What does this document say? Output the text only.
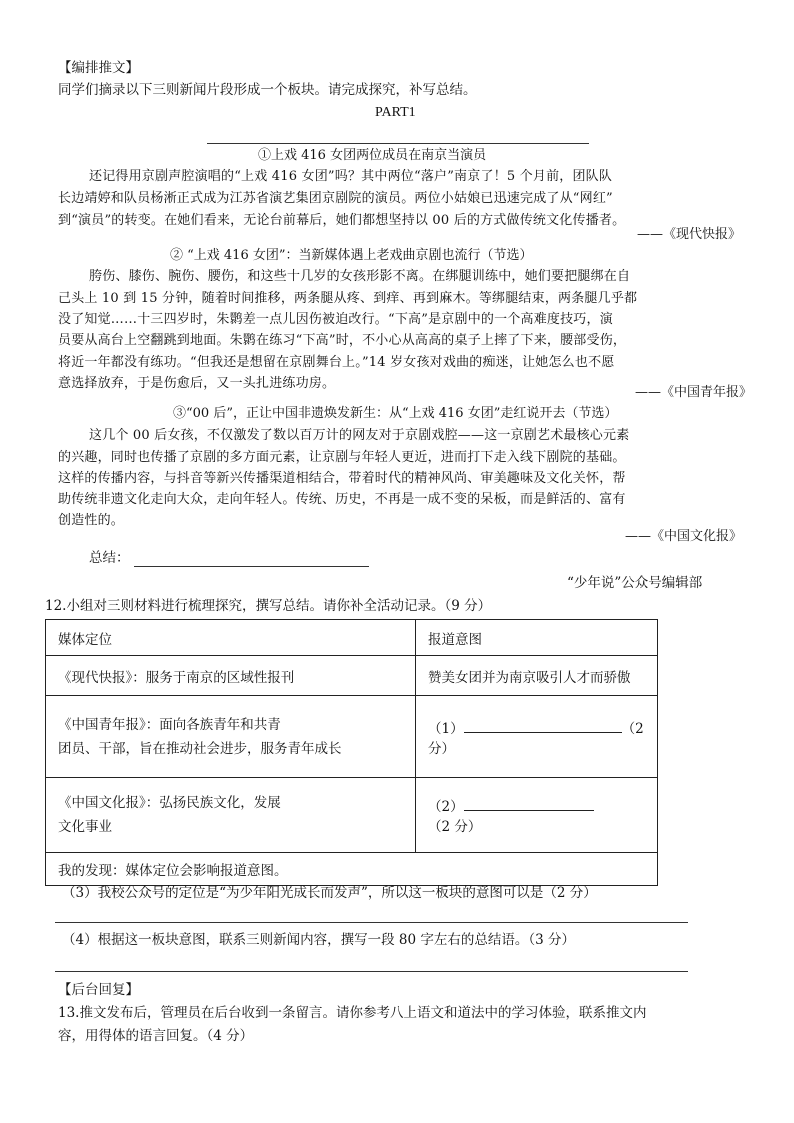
【编排推文】
同学们摘录以下三则新闻片段形成一个板块。请完成探究，补写总结。
PART1
①上戏 416 女团两位成员在南京当演员
还记得用京剧声腔演唱的“上戏 416 女团”吗？其中两位“落户”南京了！5 个月前，团队队
长边靖婷和队员杨淅正式成为江苏省演艺集团京剧院的演员。两位小姑娘已迅速完成了从“网红”
到“演员”的转变。在她们看来，无论台前幕后，她们都想坚持以 00 后的方式做传统文化传播者。
——《现代快报》
② “上戏 416 女团”：当新媒体遇上老戏曲京剧也流行（节选）
胯伤、膝伤、腕伤、腰伤，和这些十几岁的女孩形影不离。在绑腿训练中，她们要把腿绑在自
己头上 10 到 15 分钟，随着时间推移，两条腿从疼、到痒、再到麻木。等绑腿结束，两条腿几乎都
没了知觉……十三四岁时，朱鹮差一点儿因伤被迫改行。“下高”是京剧中的一个高难度技巧，演
员要从高台上空翻跳到地面。朱鹮在练习“下高”时，不小心从高高的桌子上摔了下来，腰部受伤，
将近一年都没有练功。“但我还是想留在京剧舞台上。”14 岁女孩对戏曲的痴迷，让她怎么也不愿
意选择放弃，于是伤愈后，又一头扎进练功房。
——《中国青年报》
③“00 后”，正让中国非遗焕发新生：从“上戏 416 女团”走红说开去（节选）
这几个 00 后女孩，不仅激发了数以百万计的网友对于京剧戏腔——这一京剧艺术最核心元素
的兴趣，同时也传播了京剧的多方面元素，让京剧与年轻人更近，进而打下走入线下剧院的基础。
这样的传播内容，与抖音等新兴传播渠道相结合，带着时代的精神风尚、审美趣味及文化关怀，帮
助传统非遗文化走向大众，走向年轻人。传统、历史，不再是一成不变的呆板，而是鲜活的、富有
创造性的。
——《中国文化报》
总结：
“少年说”公众号编辑部
12.小组对三则材料进行梳理探究，撰写总结。请你补全活动记录。（9 分）
媒体定位	报道意图
《现代快报》：服务于南京的区域性报刊	赞美女团并为南京吸引人才而骄傲

《中国青年报》：面向各族青年和共青
团员、干部，旨在推动社会进步，服务青年成长	（1） （2 分）

《中国文化报》：弘扬民族文化，发展
文化事业	（2）（2 分）
我的发现：媒体定位会影响报道意图。	
（3）我校公众号的定位是“为少年阳光成长而发声”，所以这一板块的意图可以是（2 分）
（4）根据这一板块意图，联系三则新闻内容，撰写一段 80 字左右的总结语。（3 分）
【后台回复】
13.推文发布后，管理员在后台收到一条留言。请你参考八上语文和道法中的学习体验，联系推文内
容，用得体的语言回复。（4 分）
